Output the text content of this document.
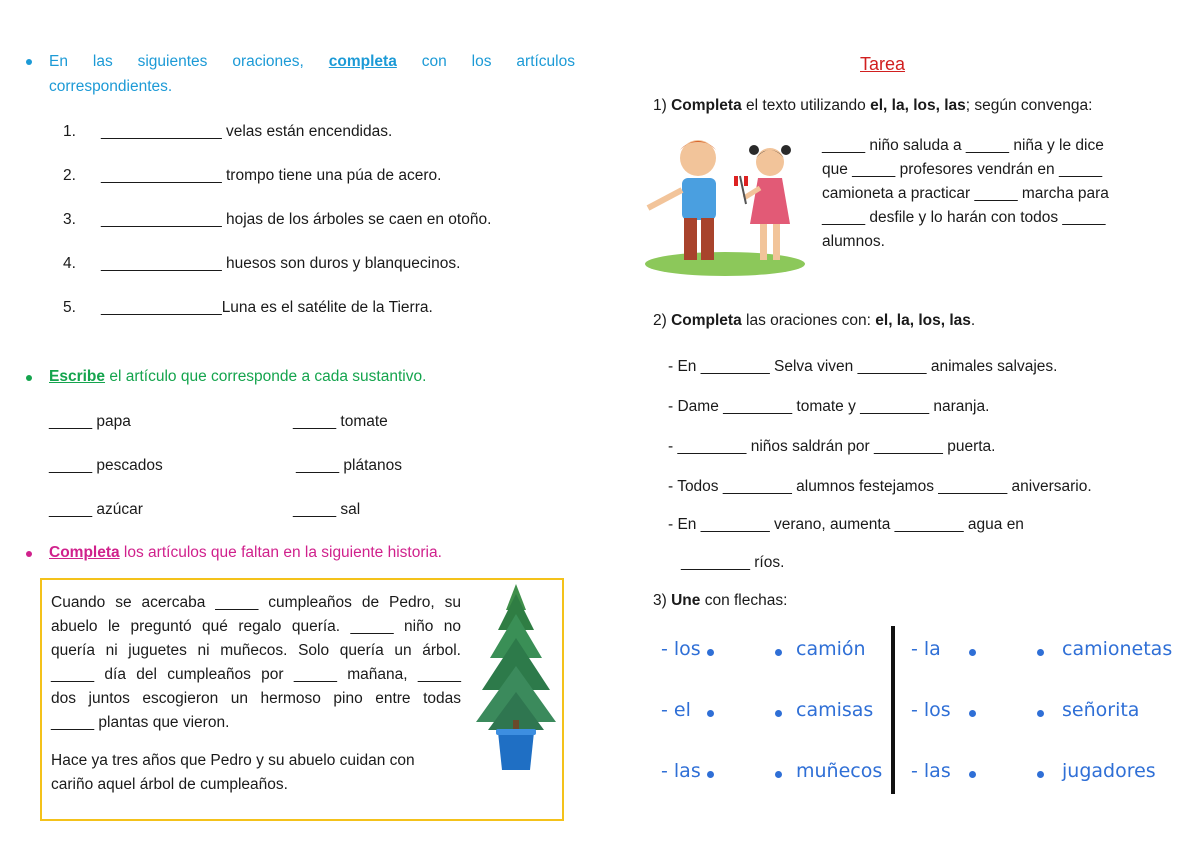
En las siguientes oraciones, completa con los artículos
correspondientes.
1. ______________ velas están encendidas.
2. ______________ trompo tiene una púa de acero.
3. ______________ hojas de los árboles se caen en otoño.
4. ______________ huesos son duros y blanquecinos.
5. ______________Luna es el satélite de la Tierra.
Escribe el artículo que corresponde a cada sustantivo.
_____ papa	_____ tomate
_____ pescados	_____ plátanos
_____ azúcar	_____ sal
Completa los artículos que faltan en la siguiente historia.
Cuando se acercaba _____ cumpleaños de Pedro, su
abuelo le preguntó qué regalo quería. _____ niño no
quería ni juguetes ni muñecos. Solo quería un árbol.
_____ día del cumpleaños por _____ mañana, _____
dos juntos escogieron un hermoso pino entre todas
_____ plantas que vieron.
Hace ya tres años que Pedro y su abuelo cuidan con
cariño aquel árbol de cumpleaños.
Tarea
1) Completa el texto utilizando el, la, los, las; según convenga:
_____ niño saluda a _____ niña y le dice
que _____ profesores vendrán en _____
camioneta a practicar _____ marcha para
_____ desfile y lo harán con todos _____
alumnos.
2) Completa las oraciones con: el, la, los, las.
- En ________ Selva viven ________ animales salvajes.
- Dame ________ tomate y ________ naranja.
- ________ niños saldrán por ________ puerta.
- Todos ________ alumnos festejamos ________ aniversario.
- En ________ verano, aumenta ________ agua en
________ ríos.
3) Une con flechas:
- los	camión
- el	camisas
- las	muñecos
- la	camionetas
- los	señorita
- las	jugadores
